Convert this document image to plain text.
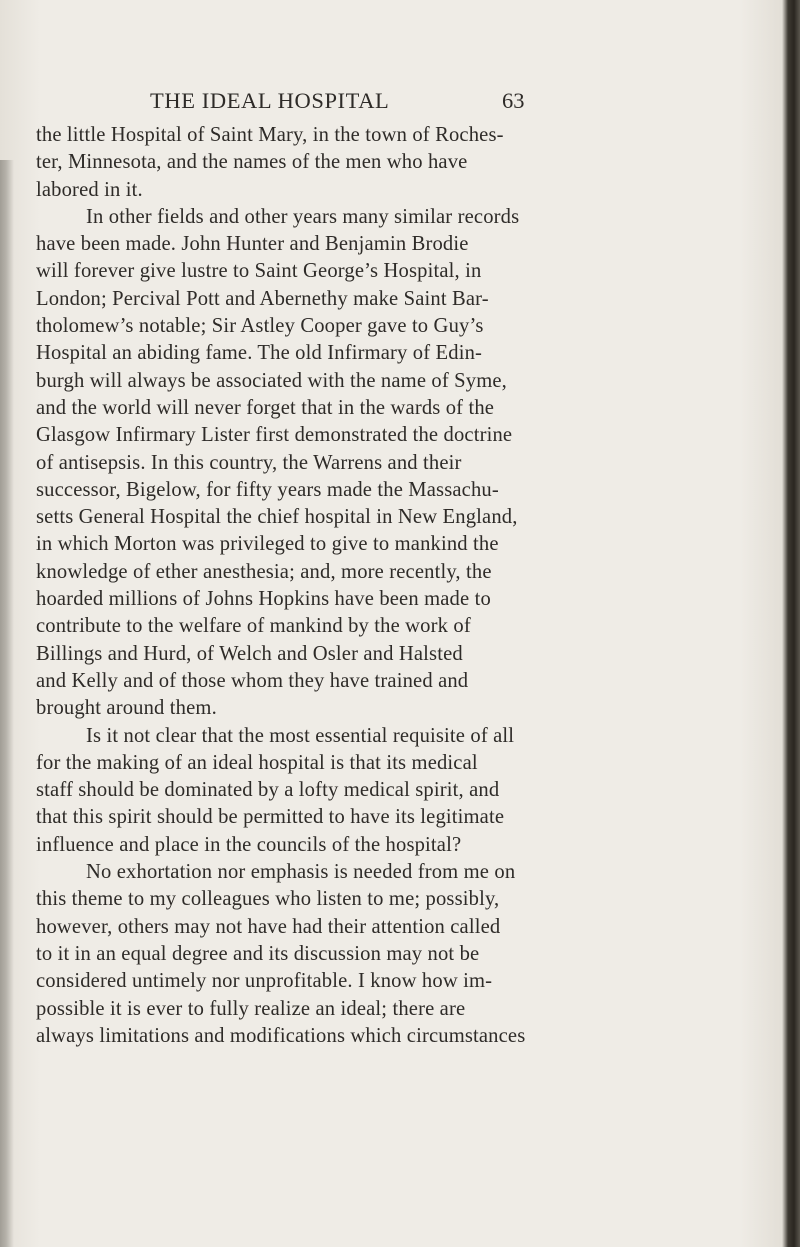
THE IDEAL HOSPITAL	63
the little Hospital of Saint Mary, in the town of Roches-
ter, Minnesota, and the names of the men who have
labored in it.
In other fields and other years many similar records
have been made. John Hunter and Benjamin Brodie
will forever give lustre to Saint George’s Hospital, in
London; Percival Pott and Abernethy make Saint Bar-
tholomew’s notable; Sir Astley Cooper gave to Guy’s
Hospital an abiding fame. The old Infirmary of Edin-
burgh will always be associated with the name of Syme,
and the world will never forget that in the wards of the
Glasgow Infirmary Lister first demonstrated the doctrine
of antisepsis. In this country, the Warrens and their
successor, Bigelow, for fifty years made the Massachu-
setts General Hospital the chief hospital in New England,
in which Morton was privileged to give to mankind the
knowledge of ether anesthesia; and, more recently, the
hoarded millions of Johns Hopkins have been made to
contribute to the welfare of mankind by the work of
Billings and Hurd, of Welch and Osler and Halsted
and Kelly and of those whom they have trained and
brought around them.
Is it not clear that the most essential requisite of all
for the making of an ideal hospital is that its medical
staff should be dominated by a lofty medical spirit, and
that this spirit should be permitted to have its legitimate
influence and place in the councils of the hospital?
No exhortation nor emphasis is needed from me on
this theme to my colleagues who listen to me; possibly,
however, others may not have had their attention called
to it in an equal degree and its discussion may not be
considered untimely nor unprofitable. I know how im-
possible it is ever to fully realize an ideal; there are
always limitations and modifications which circumstances
